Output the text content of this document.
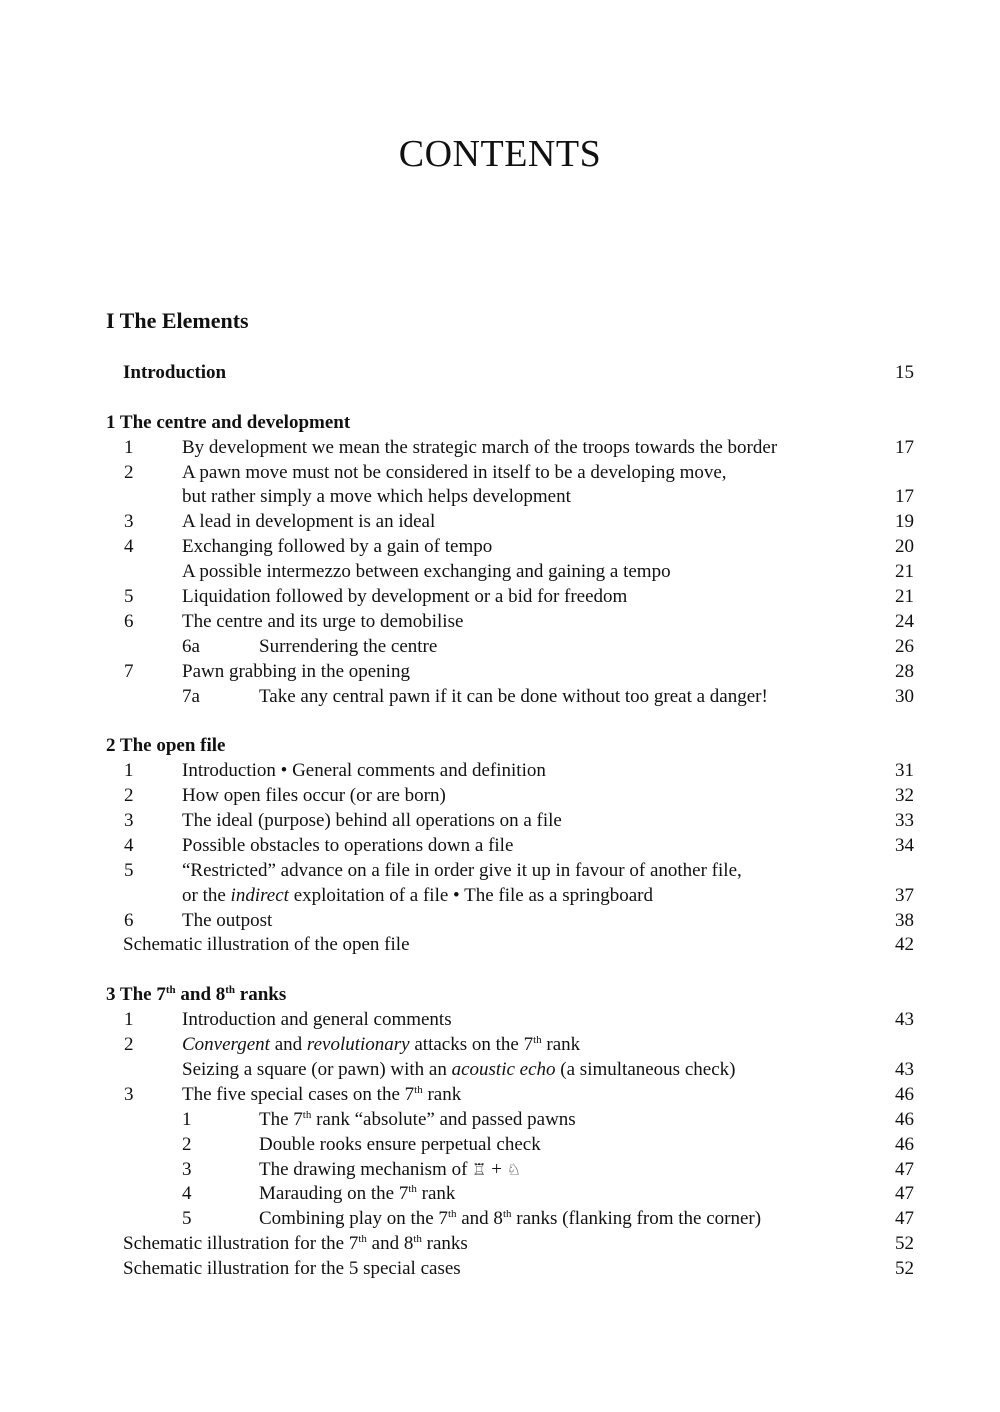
CONTENTS
I The Elements
Introduction	15
1 The centre and development
1	By development we mean the strategic march of the troops towards the border	17
2	A pawn move must not be considered in itself to be a developing move,
but rather simply a move which helps development	17
3	A lead in development is an ideal	19
4	Exchanging followed by a gain of tempo	20
A possible intermezzo between exchanging and gaining a tempo	21
5	Liquidation followed by development or a bid for freedom	21
6	The centre and its urge to demobilise	24
6a	Surrendering the centre	26
7	Pawn grabbing in the opening	28
7a	Take any central pawn if it can be done without too great a danger!	30
2 The open file
1	Introduction • General comments and definition	31
2	How open files occur (or are born)	32
3	The ideal (purpose) behind all operations on a file	33
4	Possible obstacles to operations down a file	34
5	“Restricted” advance on a file in order give it up in favour of another file,
or the indirect exploitation of a file • The file as a springboard	37
6	The outpost	38
Schematic illustration of the open file	42
3 The 7th and 8th ranks
1	Introduction and general comments	43
2	Convergent and revolutionary attacks on the 7th rank
Seizing a square (or pawn) with an acoustic echo (a simultaneous check)	43
3	The five special cases on the 7th rank	46
1	The 7th rank “absolute” and passed pawns	46
2	Double rooks ensure perpetual check	46
3	The drawing mechanism of ♖ + ♘	47
4	Marauding on the 7th rank	47
5	Combining play on the 7th and 8th ranks (flanking from the corner)	47
Schematic illustration for the 7th and 8th ranks	52
Schematic illustration for the 5 special cases	52
